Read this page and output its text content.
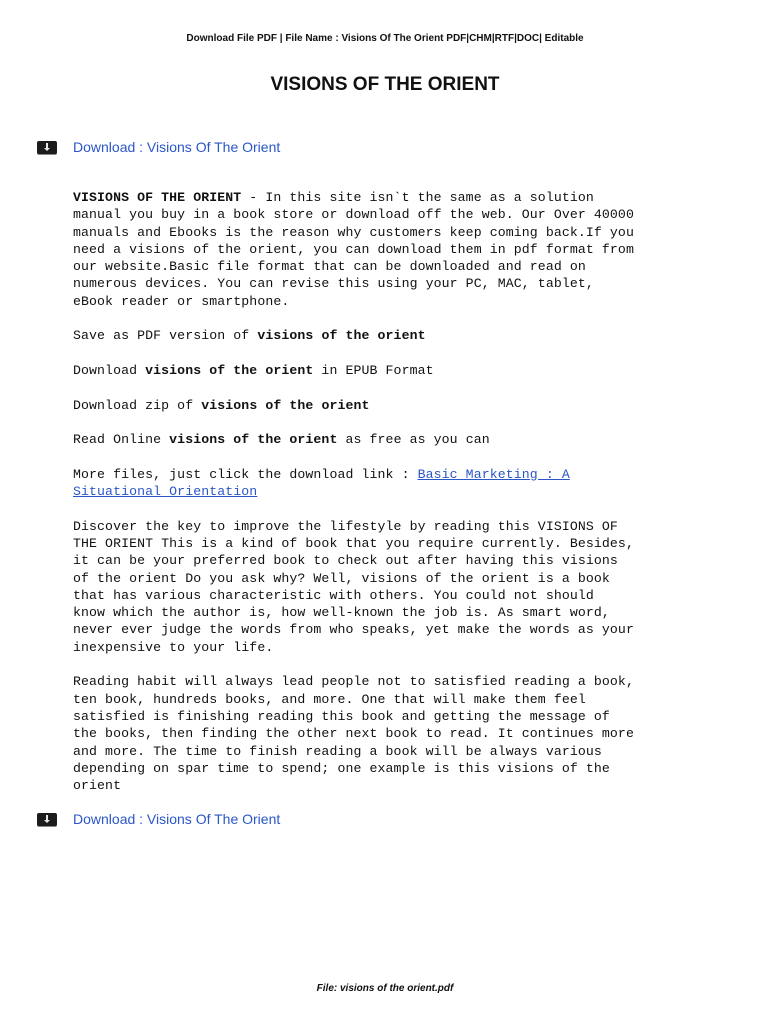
Download File PDF | File Name : Visions Of The Orient PDF|CHM|RTF|DOC| Editable
VISIONS OF THE ORIENT
Download : Visions Of The Orient

VISIONS OF THE ORIENT - In this site isn`t the same as a solution
manual you buy in a book store or download off the web. Our Over 40000
manuals and Ebooks is the reason why customers keep coming back.If you
need a visions of the orient, you can download them in pdf format from
our website.Basic file format that can be downloaded and read on
numerous devices. You can revise this using your PC, MAC, tablet,
eBook reader or smartphone.

Save as PDF version of visions of the orient

Download visions of the orient in EPUB Format

Download zip of visions of the orient

Read Online visions of the orient as free as you can

More files, just click the download link : Basic Marketing : A
Situational Orientation

Discover the key to improve the lifestyle by reading this VISIONS OF
THE ORIENT This is a kind of book that you require currently. Besides,
it can be your preferred book to check out after having this visions
of the orient Do you ask why? Well, visions of the orient is a book
that has various characteristic with others. You could not should
know which the author is, how well-known the job is. As smart word,
never ever judge the words from who speaks, yet make the words as your
inexpensive to your life.

Reading habit will always lead people not to satisfied reading a book,
ten book, hundreds books, and more. One that will make them feel
satisfied is finishing reading this book and getting the message of
the books, then finding the other next book to read. It continues more
and more. The time to finish reading a book will be always various
depending on spar time to spend; one example is this visions of the
orient

Download : Visions Of The Orient
File: visions of the orient.pdf
